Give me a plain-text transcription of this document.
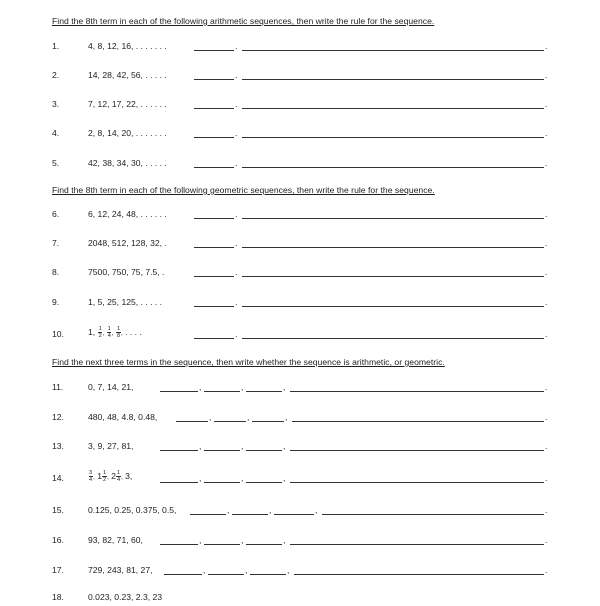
Find the 8th term in each of the following arithmetic sequences, then write the rule for the sequence.
Find the 8th term in each of the following geometric sequences, then write the rule for the sequence.
Find the next three terms in the sequence, then write whether the sequence is arithmetic, or geometric.
1.	4, 8, 12, 16, . . . . . . .	.	.
2.	14, 28, 42, 56, . . . . .	.	.
3.	7, 12, 17, 22, . . . . . .	.	.
4.	2, 8, 14, 20, . . . . . . .	.	.
5.	42, 38, 34, 30, . . . . .	.	.
6.	6, 12, 24, 48, . . . . . .	.	.
7.	2048, 512, 128, 32, .	.	.
8.	7500, 750, 75, 7.5, .	.	.
9.	1, 5, 25, 125, . . . . .	.	.
10.	1, $\frac{1}{2}$ , $\frac{1}{4}$ , $\frac{1}{8}$ , . . . .	.	.
11.	0, 7, 14, 21,	,	,	,	.
12.	480, 48, 4.8, 0.48,	,	,	,	.
13.	3, 9, 27, 81,	,	,	,	.
14.	$\frac{3}{4}$ , $1 \frac{1}{2}$ , $2 \frac{1}{4}$ , 3,	,	,	,	.
15.	0.125, 0.25, 0.375, 0.5,	,	,	,	.
16.	93, 82, 71, 60,	,	,	,	.
17.	729, 243, 81, 27,	,	,	,	.
18.	0.023, 0.23, 2.3, 23
